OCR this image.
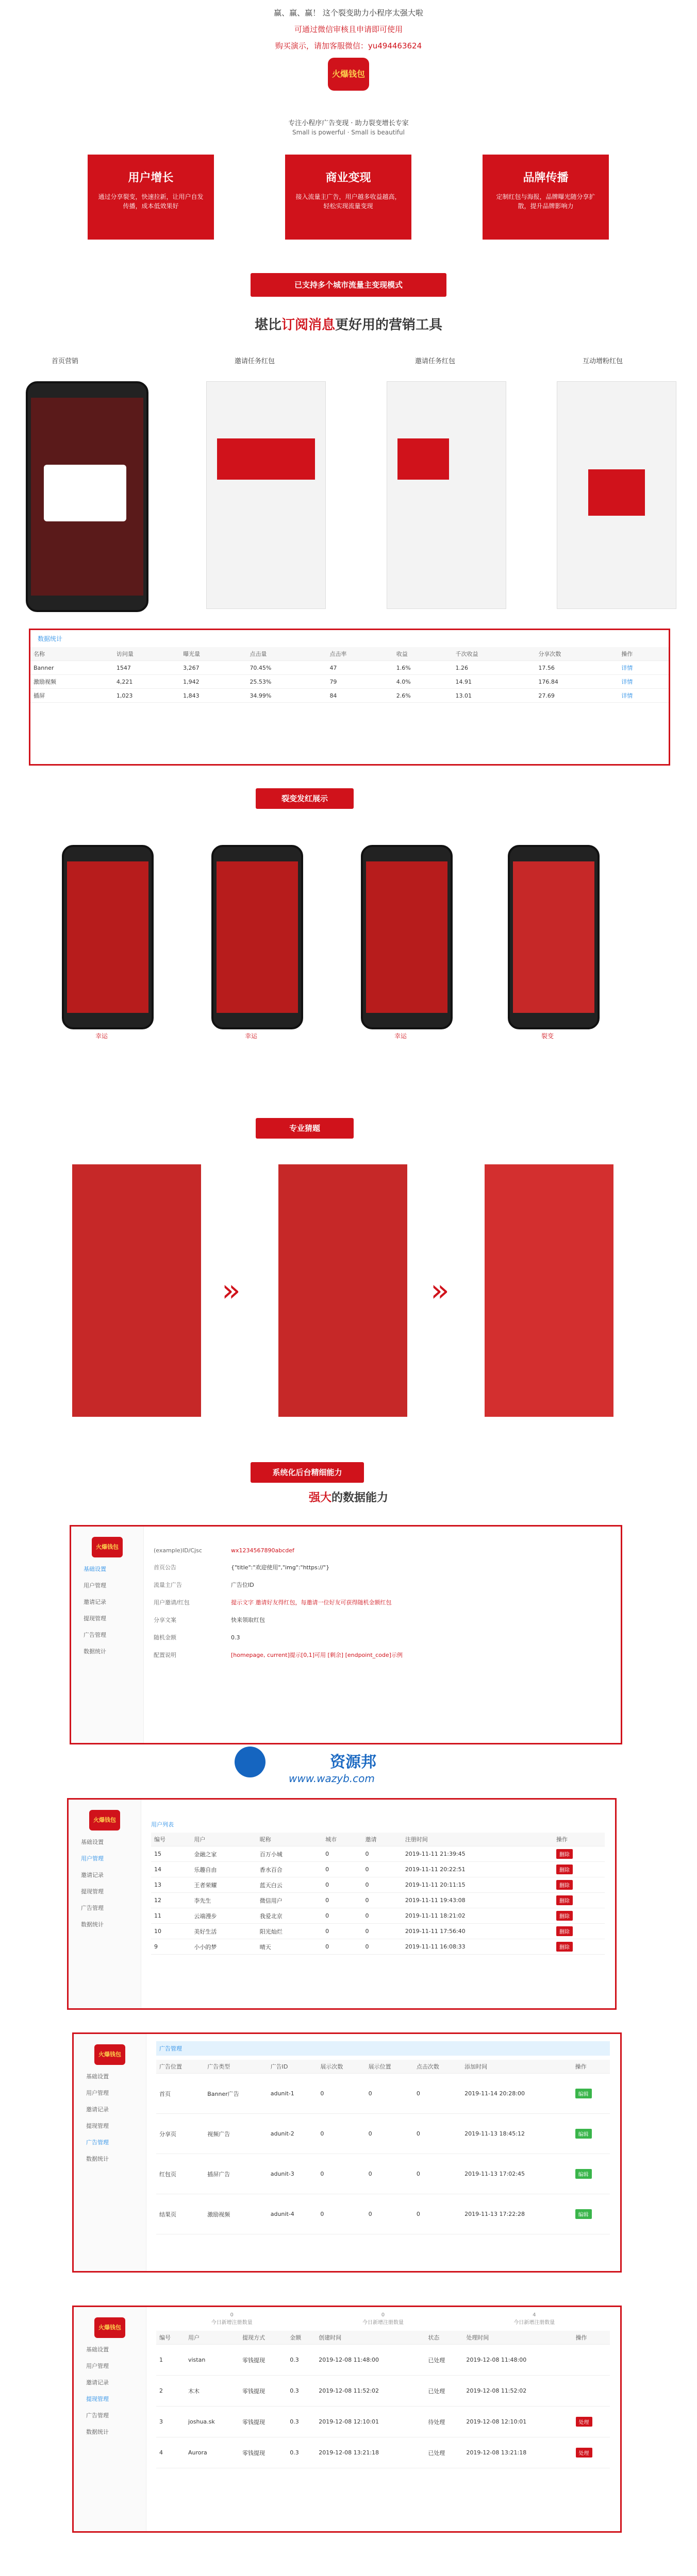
赢、赢、赢！ 这个裂变助力小程序太强大啦
可通过微信审核且申请即可使用
购买演示，请加客服微信：yu494463624
火爆钱包
专注小程序广告变现 · 助力裂变增长专家
Small is powerful · Small is beautiful
用户增长

通过分享裂变，快速拉新，让用户自发传播，成本低效果好

商业变现

接入流量主广告，用户越多收益越高，轻松实现流量变现

品牌传播

定制红包与海报，品牌曝光随分享扩散，提升品牌影响力

已支持多个城市流量主变现模式
堪比订阅消息更好用的营销工具
首页营销	邀请任务红包	邀请任务红包	互动增粉红包
数据统计
名称	访问量	曝光量	点击量	点击率	收益	千次收益	分享次数	操作
Banner	1547	3,267	70.45%	47	1.6%	1.26	17.56	详情
激励视频	4,221	1,942	25.53%	79	4.0%	14.91	176.84	详情
插屏	1,023	1,843	34.99%	84	2.6%	13.01	27.69	详情
裂变发红展示
幸运	幸运	幸运	裂变
专业猜题
»	»
系统化后台精细能力
强大的数据能力
火爆钱包
基础设置
用户管理
邀请记录
提现管理
广告管理
数据统计
(example)ID/Cjsc	wx1234567890abcdef
首页公告	{"title":"欢迎使用","img":"https://"}
流量主广告	广告位ID
用户邀请/红包	提示文字 邀请好友得红包，每邀请一位好友可获得随机金额红包
分享文案	快来领取红包
随机金额	0.3
配置说明	[homepage, current]提示[0,1]可用 [剩余] [endpoint_code]示例
资源邦
www.wazyb.com
火爆钱包
基础设置
用户管理
邀请记录
提现管理
广告管理
数据统计
用户列表
编号	用户	昵称	城市	邀请	注册时间	操作
15	金融之家	百万小城	0	0	2019-11-11 21:39:45	删除
14	乐趣自由	香水百合	0	0	2019-11-11 20:22:51	删除
13	王者荣耀	蓝天白云	0	0	2019-11-11 20:11:15	删除
12	李先生	微信用户	0	0	2019-11-11 19:43:08	删除
11	云端漫步	我爱北京	0	0	2019-11-11 18:21:02	删除
10	美好生活	阳光灿烂	0	0	2019-11-11 17:56:40	删除
9	小小的梦	晴天	0	0	2019-11-11 16:08:33	删除
火爆钱包
基础设置
用户管理
邀请记录
提现管理
广告管理
数据统计
广告管理
广告位置	广告类型	广告ID	展示次数	展示位置	点击次数	添加时间	操作
首页	Banner广告	adunit-1	0	0	0	2019-11-14 20:28:00	编辑
分享页	视频广告	adunit-2	0	0	0	2019-11-13 18:45:12	编辑
红包页	插屏广告	adunit-3	0	0	0	2019-11-13 17:02:45	编辑
结果页	激励视频	adunit-4	0	0	0	2019-11-13 17:22:28	编辑
火爆钱包
基础设置
用户管理
邀请记录
提现管理
广告管理
数据统计
0
今日新增注册数量
0
今日新增注册数量
4
今日新增注册数量
编号	用户	提现方式	金额	创建时间	状态	处理时间	操作
1	vistan	零钱提现	0.3	2019-12-08 11:48:00	已处理	2019-12-08 11:48:00	
2	木木	零钱提现	0.3	2019-12-08 11:52:02	已处理	2019-12-08 11:52:02	
3	joshua.sk	零钱提现	0.3	2019-12-08 12:10:01	待处理	2019-12-08 12:10:01	处理
4	Aurora	零钱提现	0.3	2019-12-08 13:21:18	已处理	2019-12-08 13:21:18	处理
